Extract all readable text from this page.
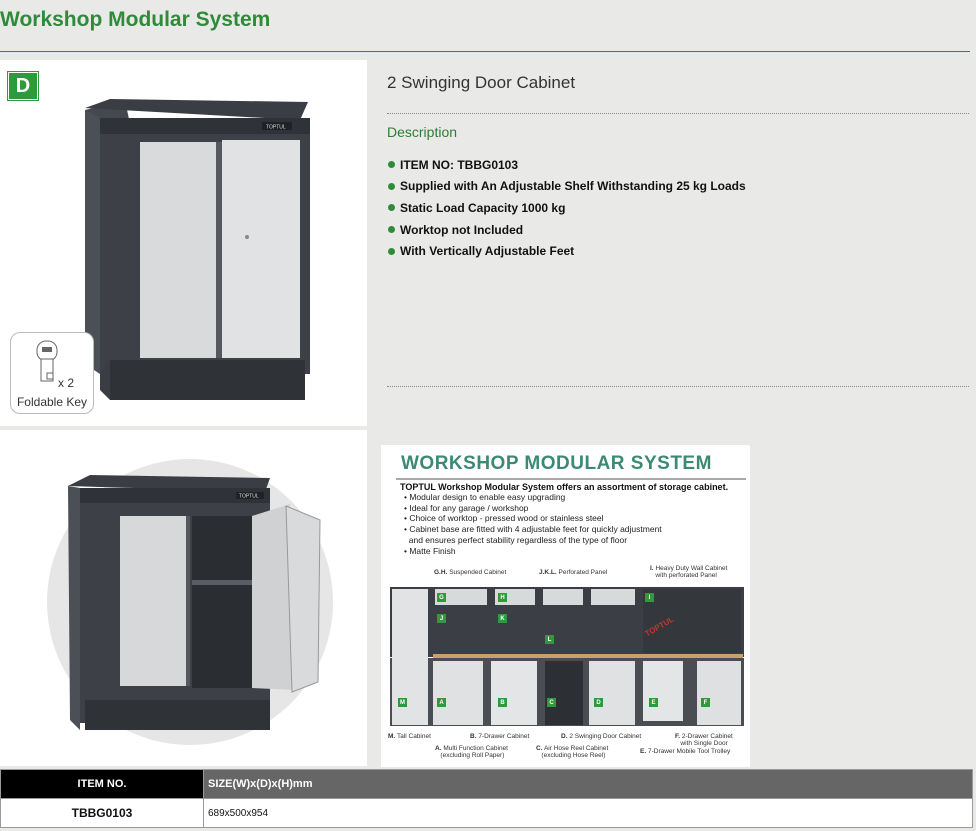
Workshop Modular System
D
TOPTUL
x 2
Foldable Key
TOPTUL
2 Swinging Door Cabinet
Description
ITEM NO: TBBG0103
Supplied with An Adjustable Shelf Withstanding 25 kg Loads
Static Load Capacity 1000 kg
Worktop not Included
With Vertically Adjustable Feet
WORKSHOP MODULAR SYSTEM
TOPTUL Workshop Modular System offers an assortment of storage cabinet.
• Modular design to enable easy upgrading
• Ideal for any garage / workshop
• Choice of worktop - pressed wood or stainless steel
• Cabinet base are fitted with 4 adjustable feet for quickly adjustment
and ensures perfect stability regardless of the type of floor
• Matte Finish
G.H. Suspended Cabinet	J.K.L. Perforated Panel
I. Heavy Duty Wall Cabinet
with perforated Panel
TOPTUL
G	H	I
J	K
L
M	A	B	C	D	E	F
M. Tall Cabinet	B. 7-Drawer Cabinet	D. 2 Swinging Door Cabinet	F. 2-Drawer Cabinet
with Single Door
A. Multi Function Cabinet
(excluding Roll Paper)
C. Air Hose Reel Cabinet
(excluding Hose Reel)
E. 7-Drawer Mobile Tool Trolley
ITEM NO.	SIZE(W)x(D)x(H)mm
TBBG0103	689x500x954
